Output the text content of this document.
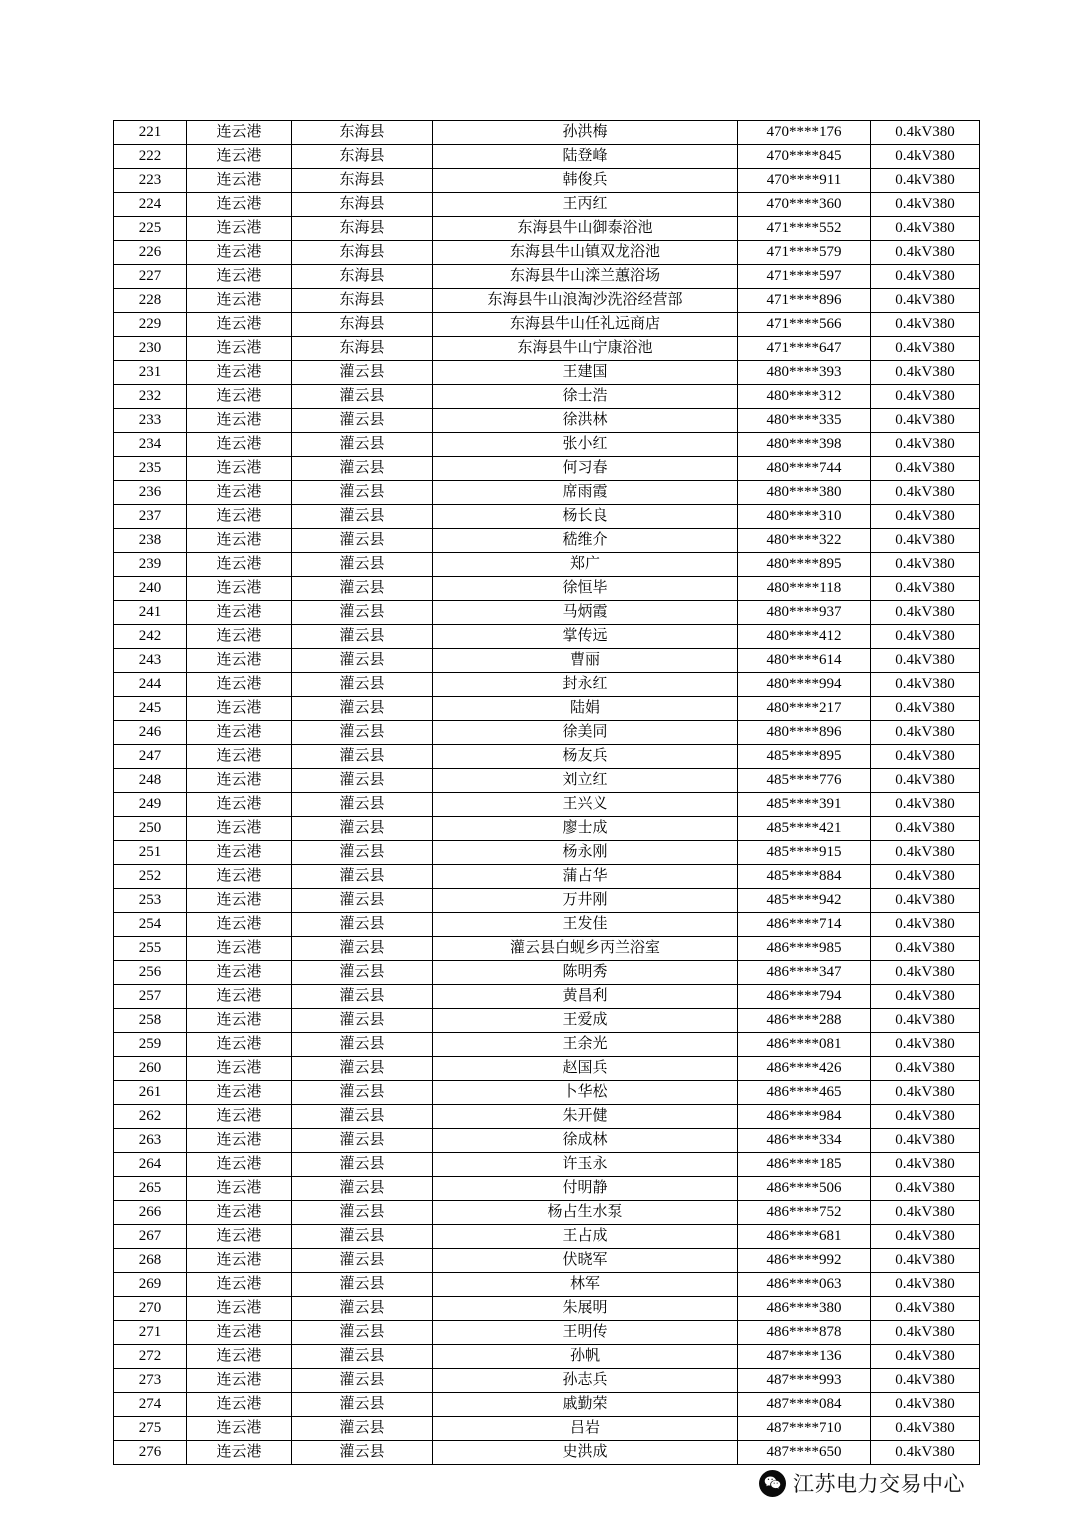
221	连云港	东海县	孙洪梅	470****176	0.4kV380
222	连云港	东海县	陆登峰	470****845	0.4kV380
223	连云港	东海县	韩俊兵	470****911	0.4kV380
224	连云港	东海县	王丙红	470****360	0.4kV380
225	连云港	东海县	东海县牛山御泰浴池	471****552	0.4kV380
226	连云港	东海县	东海县牛山镇双龙浴池	471****579	0.4kV380
227	连云港	东海县	东海县牛山滦兰蕙浴场	471****597	0.4kV380
228	连云港	东海县	东海县牛山浪淘沙洗浴经营部	471****896	0.4kV380
229	连云港	东海县	东海县牛山任礼远商店	471****566	0.4kV380
230	连云港	东海县	东海县牛山宁康浴池	471****647	0.4kV380
231	连云港	灌云县	王建国	480****393	0.4kV380
232	连云港	灌云县	徐士浩	480****312	0.4kV380
233	连云港	灌云县	徐洪林	480****335	0.4kV380
234	连云港	灌云县	张小红	480****398	0.4kV380
235	连云港	灌云县	何习春	480****744	0.4kV380
236	连云港	灌云县	席雨霞	480****380	0.4kV380
237	连云港	灌云县	杨长良	480****310	0.4kV380
238	连云港	灌云县	嵇维介	480****322	0.4kV380
239	连云港	灌云县	郑广	480****895	0.4kV380
240	连云港	灌云县	徐恒毕	480****118	0.4kV380
241	连云港	灌云县	马炳霞	480****937	0.4kV380
242	连云港	灌云县	掌传远	480****412	0.4kV380
243	连云港	灌云县	曹丽	480****614	0.4kV380
244	连云港	灌云县	封永红	480****994	0.4kV380
245	连云港	灌云县	陆娟	480****217	0.4kV380
246	连云港	灌云县	徐美同	480****896	0.4kV380
247	连云港	灌云县	杨友兵	485****895	0.4kV380
248	连云港	灌云县	刘立红	485****776	0.4kV380
249	连云港	灌云县	王兴义	485****391	0.4kV380
250	连云港	灌云县	廖士成	485****421	0.4kV380
251	连云港	灌云县	杨永刚	485****915	0.4kV380
252	连云港	灌云县	蒲占华	485****884	0.4kV380
253	连云港	灌云县	万井刚	485****942	0.4kV380
254	连云港	灌云县	王发佳	486****714	0.4kV380
255	连云港	灌云县	灌云县白蚬乡丙兰浴室	486****985	0.4kV380
256	连云港	灌云县	陈明秀	486****347	0.4kV380
257	连云港	灌云县	黄昌利	486****794	0.4kV380
258	连云港	灌云县	王爱成	486****288	0.4kV380
259	连云港	灌云县	王余光	486****081	0.4kV380
260	连云港	灌云县	赵国兵	486****426	0.4kV380
261	连云港	灌云县	卜华松	486****465	0.4kV380
262	连云港	灌云县	朱开健	486****984	0.4kV380
263	连云港	灌云县	徐成林	486****334	0.4kV380
264	连云港	灌云县	许玉永	486****185	0.4kV380
265	连云港	灌云县	付明静	486****506	0.4kV380
266	连云港	灌云县	杨占生水泵	486****752	0.4kV380
267	连云港	灌云县	王占成	486****681	0.4kV380
268	连云港	灌云县	伏晓军	486****992	0.4kV380
269	连云港	灌云县	林军	486****063	0.4kV380
270	连云港	灌云县	朱展明	486****380	0.4kV380
271	连云港	灌云县	王明传	486****878	0.4kV380
272	连云港	灌云县	孙帆	487****136	0.4kV380
273	连云港	灌云县	孙志兵	487****993	0.4kV380
274	连云港	灌云县	戚勤荣	487****084	0.4kV380
275	连云港	灌云县	吕岩	487****710	0.4kV380
276	连云港	灌云县	史洪成	487****650	0.4kV380
江苏电力交易中心
